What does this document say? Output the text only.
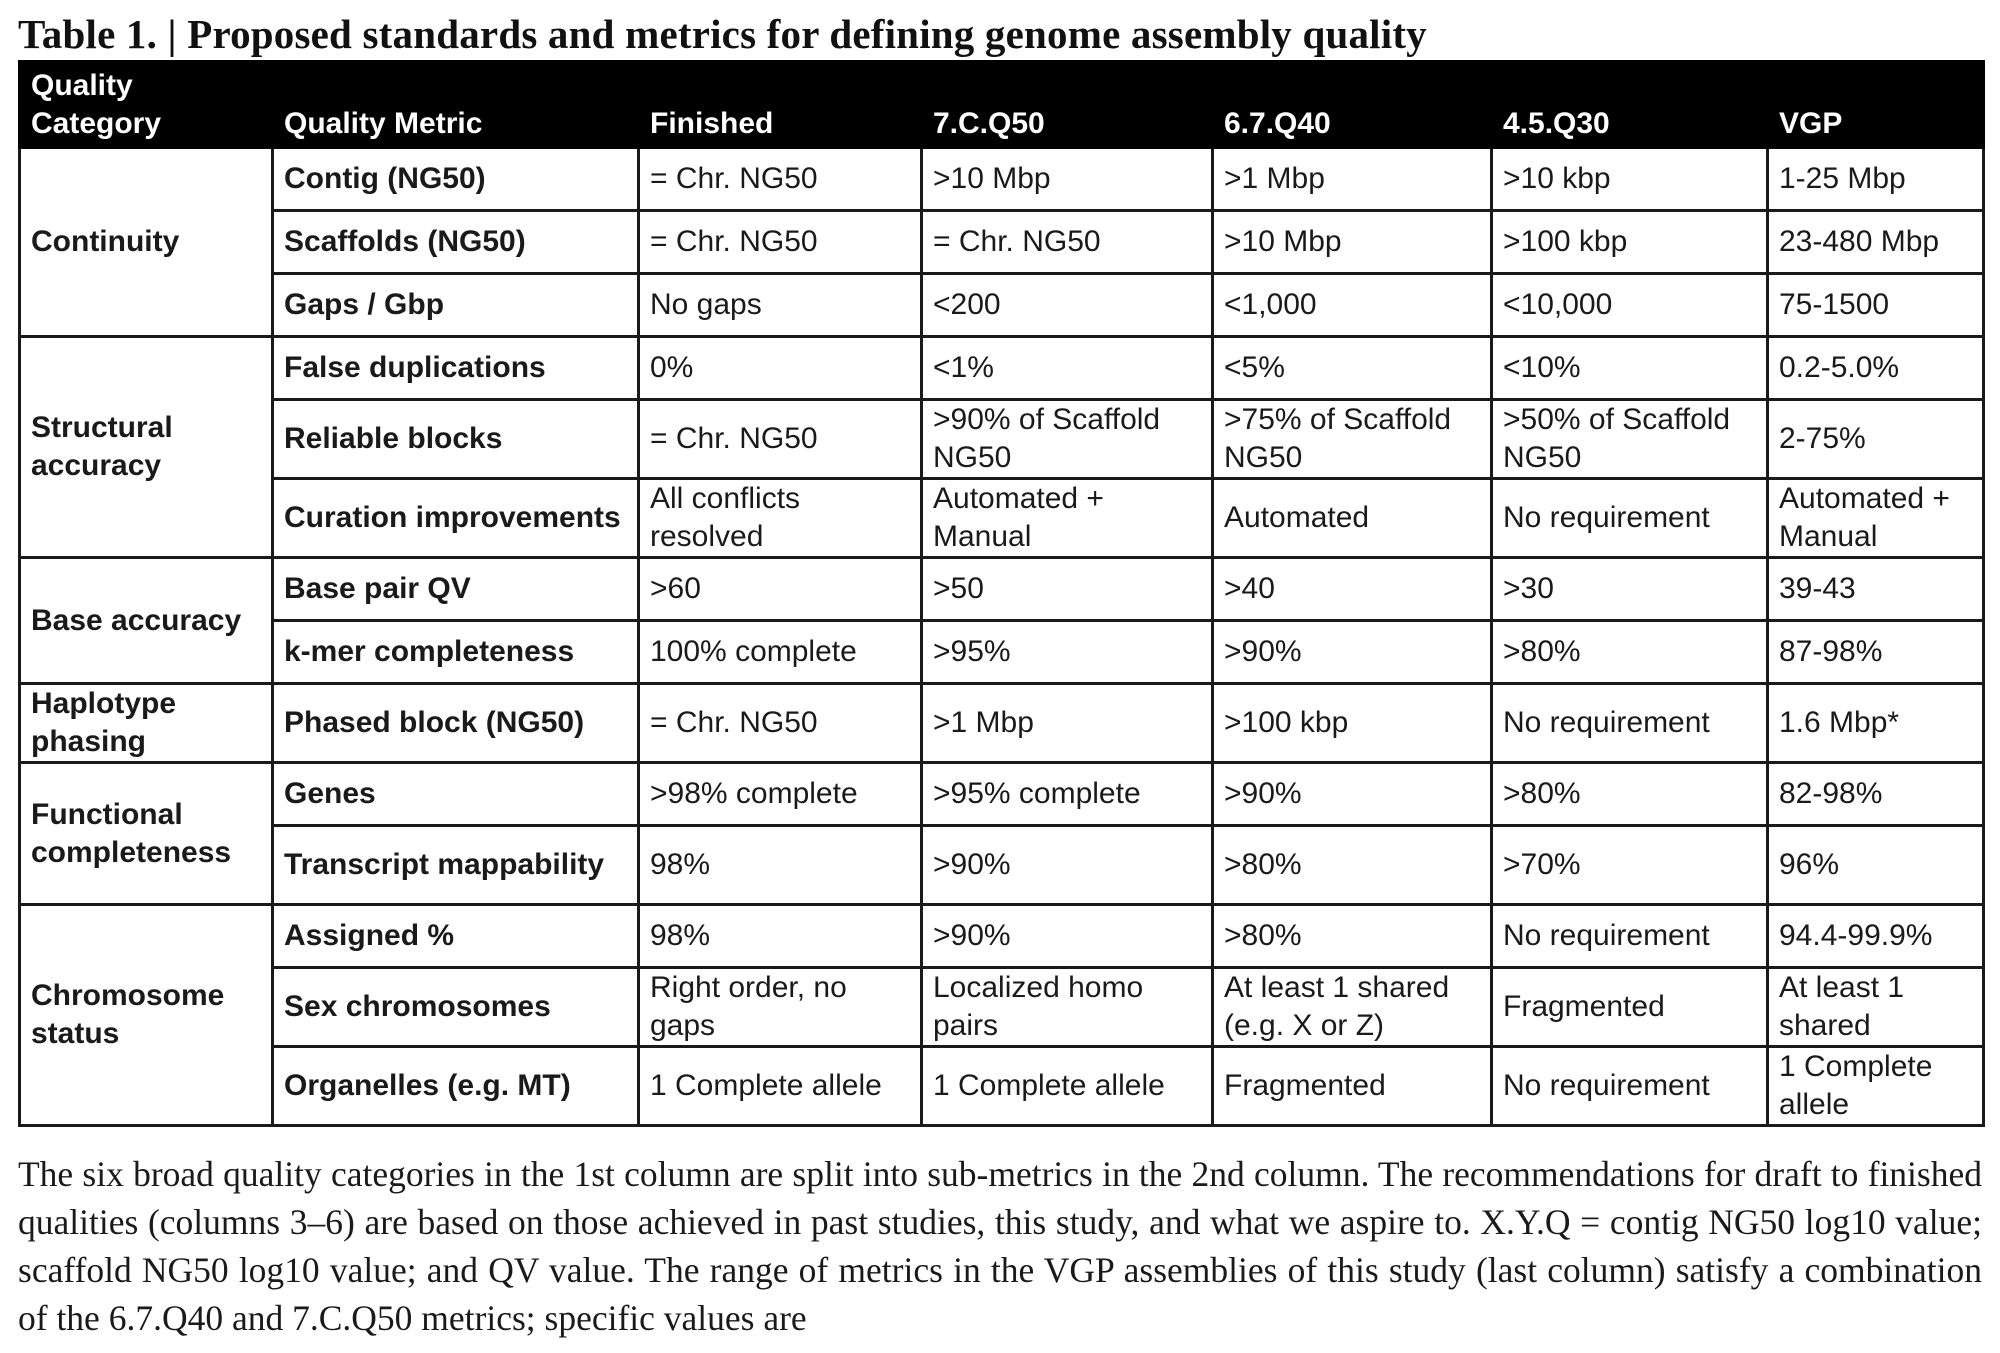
Table 1. | Proposed standards and metrics for defining genome assembly quality
Quality Category	Quality Metric	Finished	7.C.Q50	6.7.Q40	4.5.Q30	VGP
Continuity	Contig (NG50)	= Chr. NG50	>10 Mbp	>1 Mbp	>10 kbp	1-25 Mbp
	Scaffolds (NG50)	= Chr. NG50	= Chr. NG50	>10 Mbp	>100 kbp	23-480 Mbp
	Gaps / Gbp	No gaps	<200	<1,000	<10,000	75-1500
Structural accuracy	False duplications	0%	<1%	<5%	<10%	0.2-5.0%
	Reliable blocks	= Chr. NG50	>90% of Scaffold NG50	>75% of Scaffold NG50	>50% of Scaffold NG50	2-75%
	Curation improvements	All conflicts resolved	Automated + Manual	Automated	No requirement	Automated + Manual
Base accuracy	Base pair QV	>60	>50	>40	>30	39-43
	k-mer completeness	100% complete	>95%	>90%	>80%	87-98%
Haplotype phasing	Phased block (NG50)	= Chr. NG50	>1 Mbp	>100 kbp	No requirement	1.6 Mbp*
Functional completeness	Genes	>98% complete	>95% complete	>90%	>80%	82-98%
	Transcript mappability	98%	>90%	>80%	>70%	96%
Chromosome status	Assigned %	98%	>90%	>80%	No requirement	94.4-99.9%
	Sex chromosomes	Right order, no gaps	Localized homo pairs	At least 1 shared (e.g. X or Z)	Fragmented	At least 1 shared
	Organelles (e.g. MT)	1 Complete allele	1 Complete allele	Fragmented	No requirement	1 Complete allele

The six broad quality categories in the 1st column are split into sub-metrics in the 2nd column. The recommendations for draft to finished qualities (columns 3–6) are based on those achieved in past studies, this study, and what we aspire to. X.Y.Q = contig NG50 log10 value; scaffold NG50 log10 value; and QV value. The range of metrics in the VGP assemblies of this study (last column) satisfy a combination of the 6.7.Q40 and 7.C.Q50 metrics; specific values are
